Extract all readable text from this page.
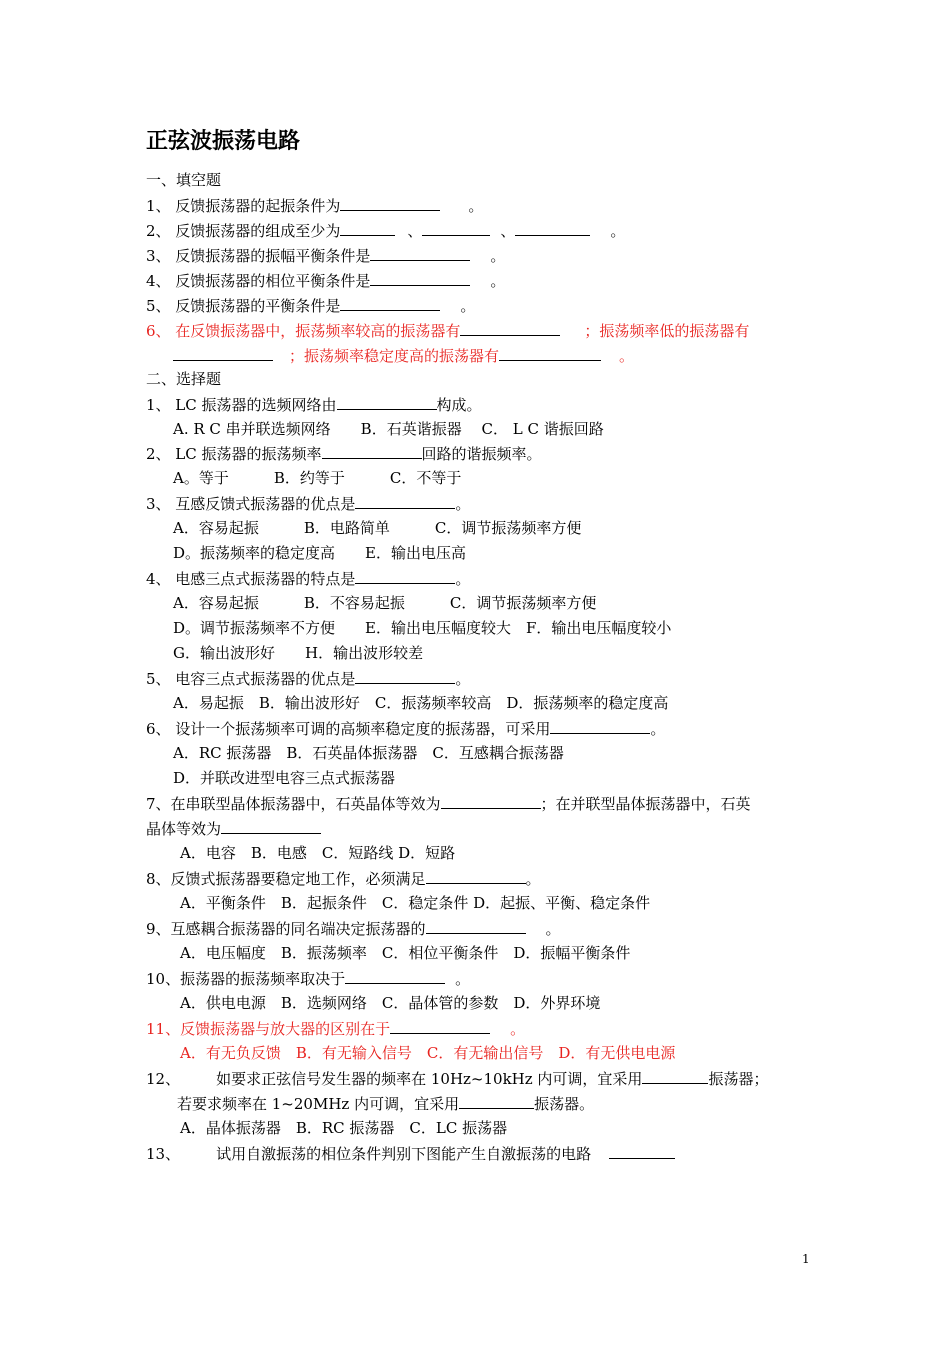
正弦波振荡电路
一、填空题
1、 反馈振荡器的起振条件为	。
2、 反馈振荡器的组成至少为	、	、	。
3、 反馈振荡器的振幅平衡条件是	。
4、 反馈振荡器的相位平衡条件是	。
5、 反馈振荡器的平衡条件是	。
6、 在反馈振荡器中，振荡频率较高的振荡器有	；振荡频率低的振荡器有
；振荡频率稳定度高的振荡器有	。
二、选择题
1、 LC 振荡器的选频网络由	构成。
A. R C 串并联选频网络　　B．石英谐振器　 C． L C 谐振回路
2、 LC 振荡器的振荡频率	回路的谐振频率。
A。等于　　　B．约等于　　　C．不等于
3、 互感反馈式振荡器的优点是	。
A．容易起振　　　B．电路简单　　　C．调节振荡频率方便
D。振荡频率的稳定度高　　E．输出电压高
4、 电感三点式振荡器的特点是	。
A．容易起振　　　B．不容易起振　　　C．调节振荡频率方便
D。调节振荡频率不方便　　E．输出电压幅度较大　F．输出电压幅度较小
G．输出波形好　　H．输出波形较差
5、 电容三点式振荡器的优点是	。
A．易起振　B．输出波形好　C．振荡频率较高　D．振荡频率的稳定度高
6、 设计一个振荡频率可调的高频率稳定度的振荡器，可采用	。
A．RC 振荡器　B．石英晶体振荡器　C．互感耦合振荡器
D．并联改进型电容三点式振荡器
7、在串联型晶体振荡器中，石英晶体等效为	；在并联型晶体振荡器中，石英
晶体等效为
A．电容　B．电感　C．短路线 D．短路
8、反馈式振荡器要稳定地工作，必须满足	。
A．平衡条件　B．起振条件　C．稳定条件 D．起振、平衡、稳定条件
9、互感耦合振荡器的同名端决定振荡器的	。
A．电压幅度　B．振荡频率　C．相位平衡条件　D．振幅平衡条件
10、振荡器的振荡频率取决于	。
A．供电电源　B．选频网络　C．晶体管的参数　D．外界环境
11、反馈振荡器与放大器的区别在于	。
A．有无负反馈　B．有无输入信号　C．有无输出信号　D．有无供电电源
12、 如要求正弦信号发生器的频率在 10Hz~10kHz 内可调，宜采用	振荡器；
若要求频率在 1~20MHz 内可调，宜采用	振荡器。
A．晶体振荡器　B．RC 振荡器　C．LC 振荡器
13、 试用自激振荡的相位条件判别下图能产生自激振荡的电路
1
